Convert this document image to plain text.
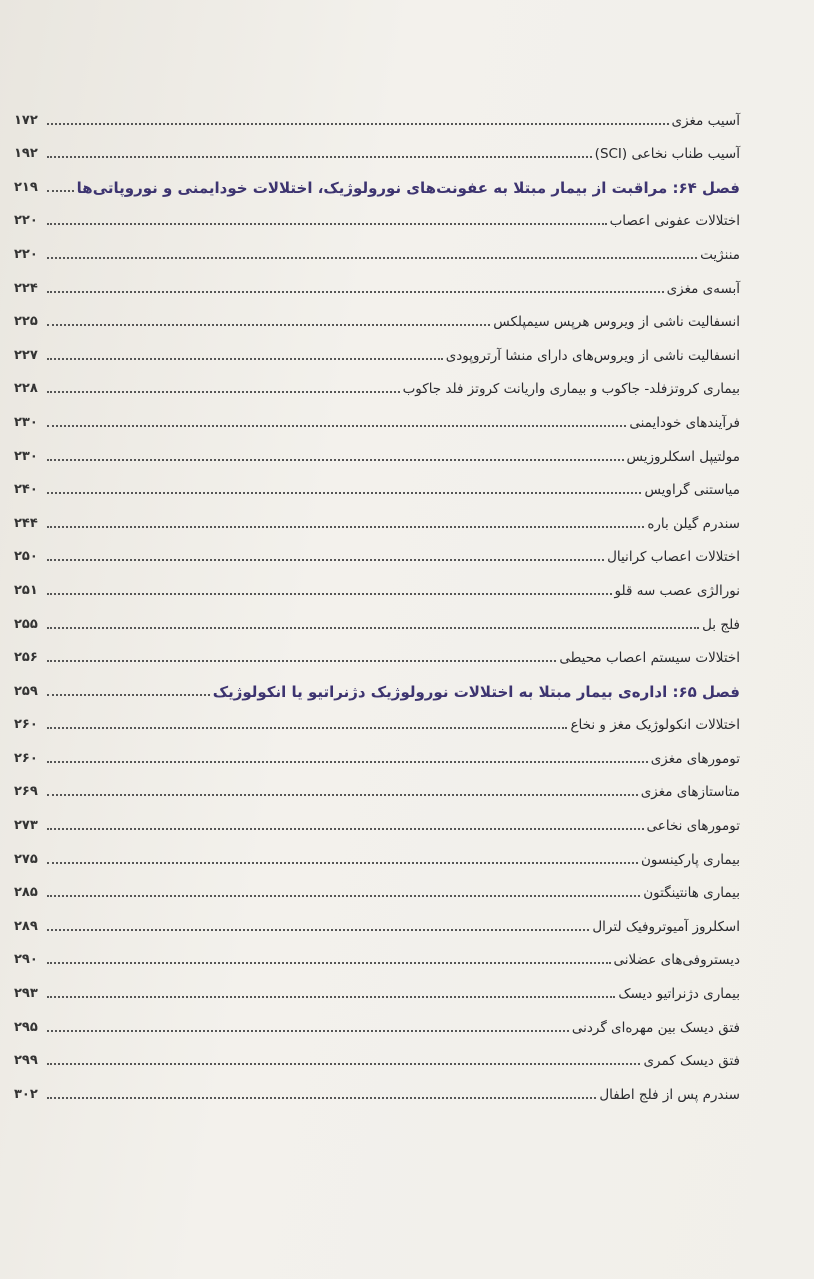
آسیب مغزی
۱۷۲
آسیب طناب نخاعی (SCI)
۱۹۲
فصل ۶۴: مراقبت از بیمار مبتلا به عفونت‌های نورولوژیک، اختلالات خودایمنی و نوروپاتی‌ها
۲۱۹
اختلالات عفونی اعصاب
۲۲۰
مننژیت
۲۲۰
آبسه‌ی مغزی
۲۲۴
انسفالیت ناشی از ویروس هرپس سیمپلکس
۲۲۵
انسفالیت ناشی از ویروس‌های دارای منشا آرتروپودی
۲۲۷
بیماری کروتزفلد- جاکوب و بیماری واریانت کروتز فلد جاکوب
۲۲۸
فرآیندهای خودایمنی
۲۳۰
مولتیپل اسکلروزیس
۲۳۰
میاستنی گراویس
۲۴۰
سندرم گیلن باره
۲۴۴
اختلالات اعصاب کرانیال
۲۵۰
نورالژی عصب سه قلو
۲۵۱
فلج بل
۲۵۵
اختلالات سیستم اعصاب محیطی
۲۵۶
فصل ۶۵: اداره‌ی بیمار مبتلا به اختلالات نورولوژیک دژنراتیو یا انکولوژیک
۲۵۹
اختلالات انکولوژیک مغز و نخاع
۲۶۰
تومورهای مغزی
۲۶۰
متاستازهای مغزی
۲۶۹
تومورهای نخاعی
۲۷۳
بیماری پارکینسون
۲۷۵
بیماری هانتینگتون
۲۸۵
اسکلروز آمیوتروفیک لترال
۲۸۹
دیستروفی‌های عضلانی
۲۹۰
بیماری دژنراتیو دیسک
۲۹۳
فتق دیسک بین مهره‌ای گردنی
۲۹۵
فتق دیسک کمری
۲۹۹
سندرم پس از فلج اطفال
۳۰۲
